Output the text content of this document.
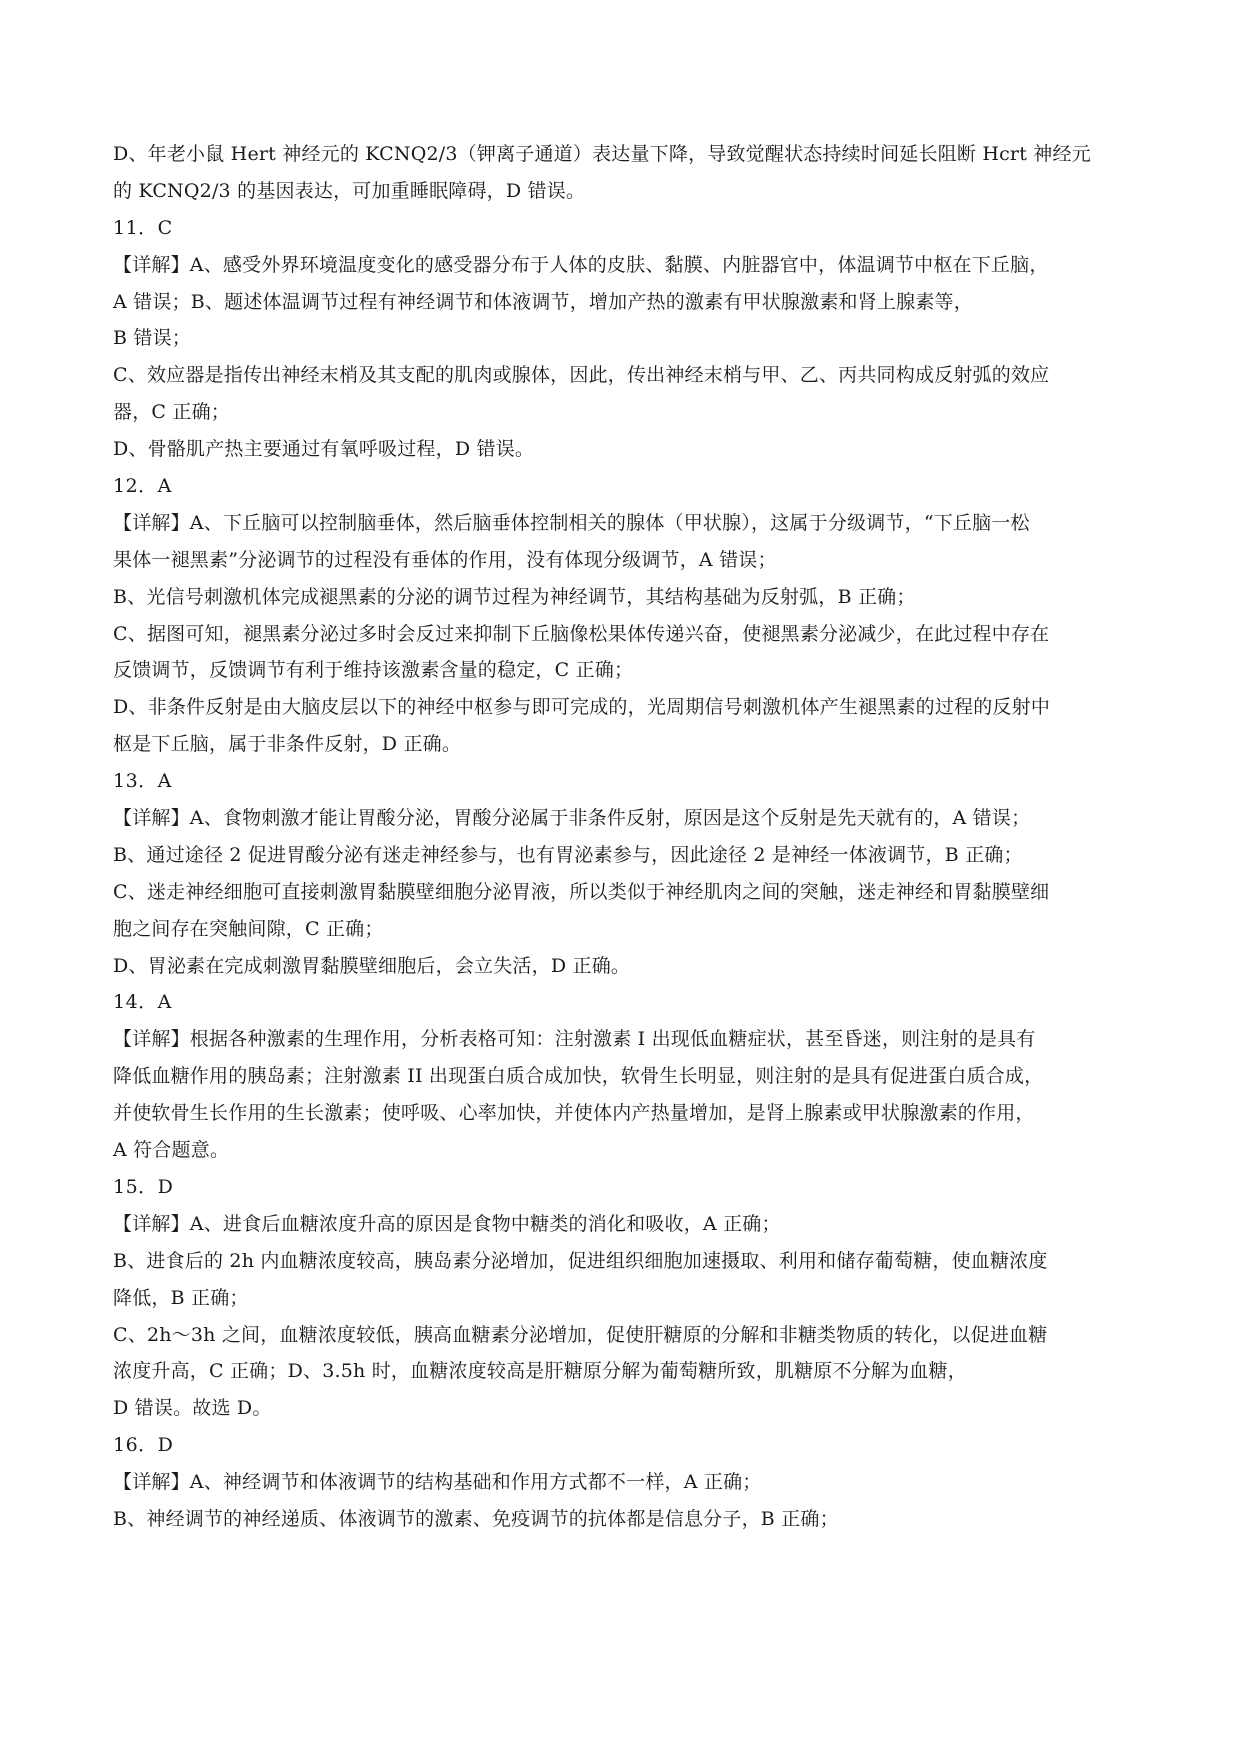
D、年老小鼠 Hert 神经元的 KCNQ2/3（钾离子通道）表达量下降，导致觉醒状态持续时间延长阻断 Hcrt 神经元
的 KCNQ2/3 的基因表达，可加重睡眠障碍，D 错误。
11．C
【详解】A、感受外界环境温度变化的感受器分布于人体的皮肤、黏膜、内脏器官中，体温调节中枢在下丘脑，
A 错误；B、题述体温调节过程有神经调节和体液调节，增加产热的激素有甲状腺激素和肾上腺素等，
B 错误；
C、效应器是指传出神经末梢及其支配的肌肉或腺体，因此，传出神经末梢与甲、乙、丙共同构成反射弧的效应
器，C 正确；
D、骨骼肌产热主要通过有氧呼吸过程，D 错误。
12．A
【详解】A、下丘脑可以控制脑垂体，然后脑垂体控制相关的腺体（甲状腺），这属于分级调节，“下丘脑一松
果体一褪黑素”分泌调节的过程没有垂体的作用，没有体现分级调节，A 错误；
B、光信号刺激机体完成褪黑素的分泌的调节过程为神经调节，其结构基础为反射弧，B 正确；
C、据图可知，褪黑素分泌过多时会反过来抑制下丘脑像松果体传递兴奋，使褪黑素分泌减少，在此过程中存在
反馈调节，反馈调节有利于维持该激素含量的稳定，C 正确；
D、非条件反射是由大脑皮层以下的神经中枢参与即可完成的，光周期信号刺激机体产生褪黑素的过程的反射中
枢是下丘脑，属于非条件反射，D 正确。
13．A
【详解】A、食物刺激才能让胃酸分泌，胃酸分泌属于非条件反射，原因是这个反射是先天就有的，A 错误；
B、通过途径 2 促进胃酸分泌有迷走神经参与，也有胃泌素参与，因此途径 2 是神经一体液调节，B 正确；
C、迷走神经细胞可直接刺激胃黏膜壁细胞分泌胃液，所以类似于神经肌肉之间的突触，迷走神经和胃黏膜壁细
胞之间存在突触间隙，C 正确；
D、胃泌素在完成刺激胃黏膜壁细胞后，会立失活，D 正确。
14．A
【详解】根据各种激素的生理作用，分析表格可知：注射激素 I 出现低血糖症状，甚至昏迷，则注射的是具有
降低血糖作用的胰岛素；注射激素 II 出现蛋白质合成加快，软骨生长明显，则注射的是具有促进蛋白质合成，
并使软骨生长作用的生长激素；使呼吸、心率加快，并使体内产热量增加，是肾上腺素或甲状腺激素的作用，
A 符合题意。
15．D
【详解】A、进食后血糖浓度升高的原因是食物中糖类的消化和吸收，A 正确；
B、进食后的 2h 内血糖浓度较高，胰岛素分泌增加，促进组织细胞加速摄取、利用和储存葡萄糖，使血糖浓度
降低，B 正确；
C、2h～3h 之间，血糖浓度较低，胰高血糖素分泌增加，促使肝糖原的分解和非糖类物质的转化，以促进血糖
浓度升高，C 正确；D、3.5h 时，血糖浓度较高是肝糖原分解为葡萄糖所致，肌糖原不分解为血糖，
D 错误。故选 D。
16．D
【详解】A、神经调节和体液调节的结构基础和作用方式都不一样，A 正确；
B、神经调节的神经递质、体液调节的激素、免疫调节的抗体都是信息分子，B 正确；
